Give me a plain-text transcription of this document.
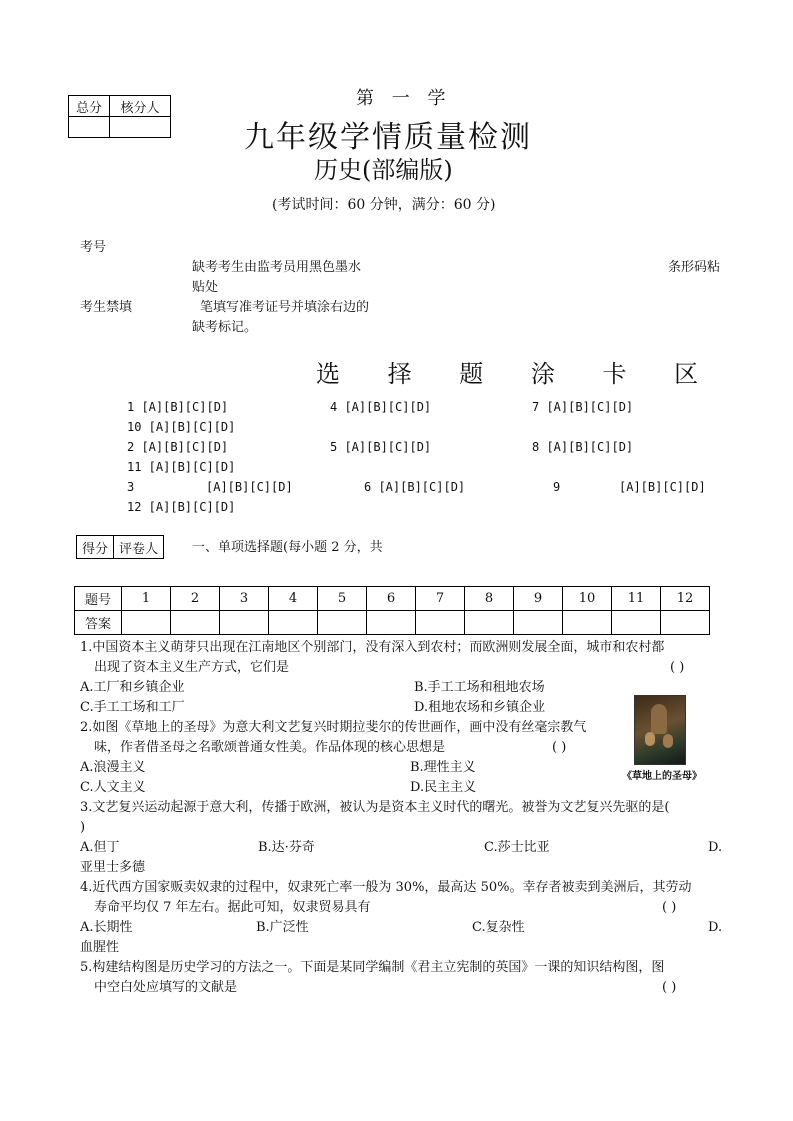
总分	核分人
		第 一 学
九年级学情质量检测
历史(部编版)
(考试时间：60 分钟，满分：60 分)
考号
缺考考生由监考员用黑色墨水	条形码粘
贴处
考生禁填	笔填写准考证号并填涂右边的
缺考标记。
选 择 题 涂 卡 区
1 [A][B][C][D]	4 [A][B][C][D]	7 [A][B][C][D]
10 [A][B][C][D]
2 [A][B][C][D]	5 [A][B][C][D]	8 [A][B][C][D]
11 [A][B][C][D]
3	[A][B][C][D]	6 [A][B][C][D]	9	[A][B][C][D]
12 [A][B][C][D]
得分	评卷人	一、单项选择题(每小题 2 分，共
题号	1	2	3	4	5	6	7	8	9	10	11	12
答案												
1.中国资本主义萌芽只出现在江南地区个别部门，没有深入到农村；而欧洲则发展全面，城市和农村都
出现了资本主义生产方式，它们是	( )
A.工厂和乡镇企业	B.手工工场和租地农场
C.手工工场和工厂	D.租地农场和乡镇企业
2.如图《草地上的圣母》为意大利文艺复兴时期拉斐尔的传世画作，画中没有丝毫宗教气
味，作者借圣母之名歌颂普通女性美。作品体现的核心思想是	( )
A.浪漫主义	B.理性主义
C.人文主义	D.民主主义
《草地上的圣母》
3.文艺复兴运动起源于意大利，传播于欧洲，被认为是资本主义时代的曙光。被誉为文艺复兴先驱的是(
)
A.但丁	B.达·芬奇	C.莎士比亚	D.
亚里士多德
4.近代西方国家贩卖奴隶的过程中，奴隶死亡率一般为 30%，最高达 50%。幸存者被卖到美洲后，其劳动
寿命平均仅 7 年左右。据此可知，奴隶贸易具有	( )
A.长期性	B.广泛性	C.复杂性	D.
血腥性
5.构建结构图是历史学习的方法之一。下面是某同学编制《君主立宪制的英国》一课的知识结构图，图
中空白处应填写的文献是	( )
